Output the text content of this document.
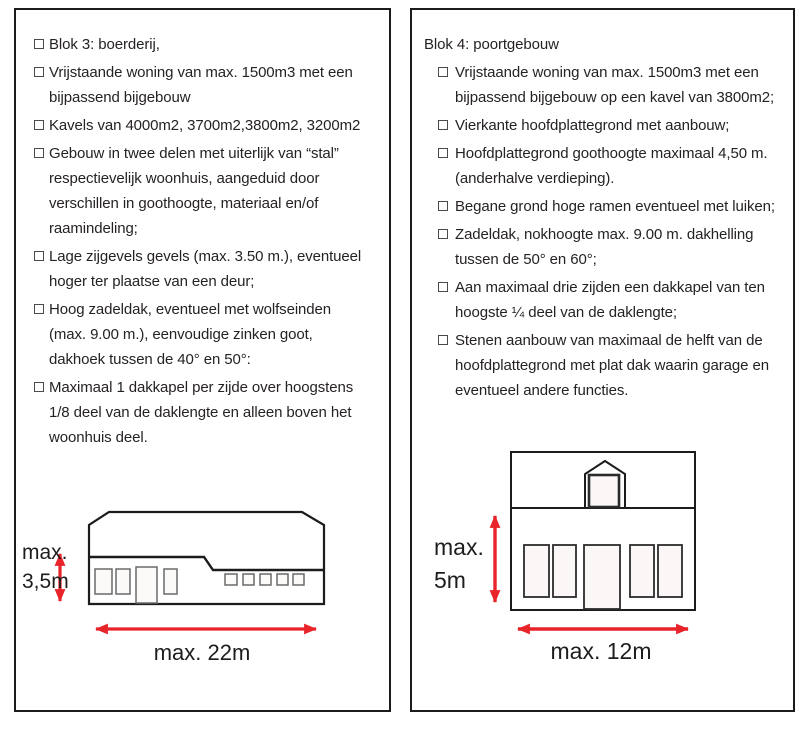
Blok 3: boerderij,
Vrijstaande woning van max. 1500m3 met een bijpassend bijgebouw
Kavels van 4000m2, 3700m2,3800m2, 3200m2
Gebouw in twee delen met uiterlijk van “stal” respectievelijk woonhuis, aangeduid door verschillen in goothoogte, materiaal en/of raamindeling;
Lage zijgevels gevels (max. 3.50 m.), eventueel hoger ter plaatse van een deur;
Hoog zadeldak, eventueel met wolfseinden (max. 9.00 m.), eenvoudige zinken goot, dakhoek tussen de 40° en 50°:
Maximaal 1 dakkapel per zijde over hoogstens 1/8 deel van de daklengte en alleen boven het woonhuis deel.
max.
3,5m
max. 22m
Blok 4: poortgebouw
Vrijstaande woning van max. 1500m3 met een bijpassend bijgebouw op een kavel van 3800m2;
Vierkante hoofdplattegrond met aanbouw;
Hoofdplattegrond goothoogte maximaal 4,50 m. (anderhalve verdieping).
Begane grond hoge ramen eventueel met luiken;
Zadeldak, nokhoogte max. 9.00 m. dakhelling tussen de 50° en 60°;
Aan maximaal drie zijden een dakkapel van ten hoogste ¼ deel van de daklengte;
Stenen aanbouw van maximaal de helft van de hoofdplattegrond met plat dak waarin garage en eventueel andere functies.
max.
5m
max. 12m
